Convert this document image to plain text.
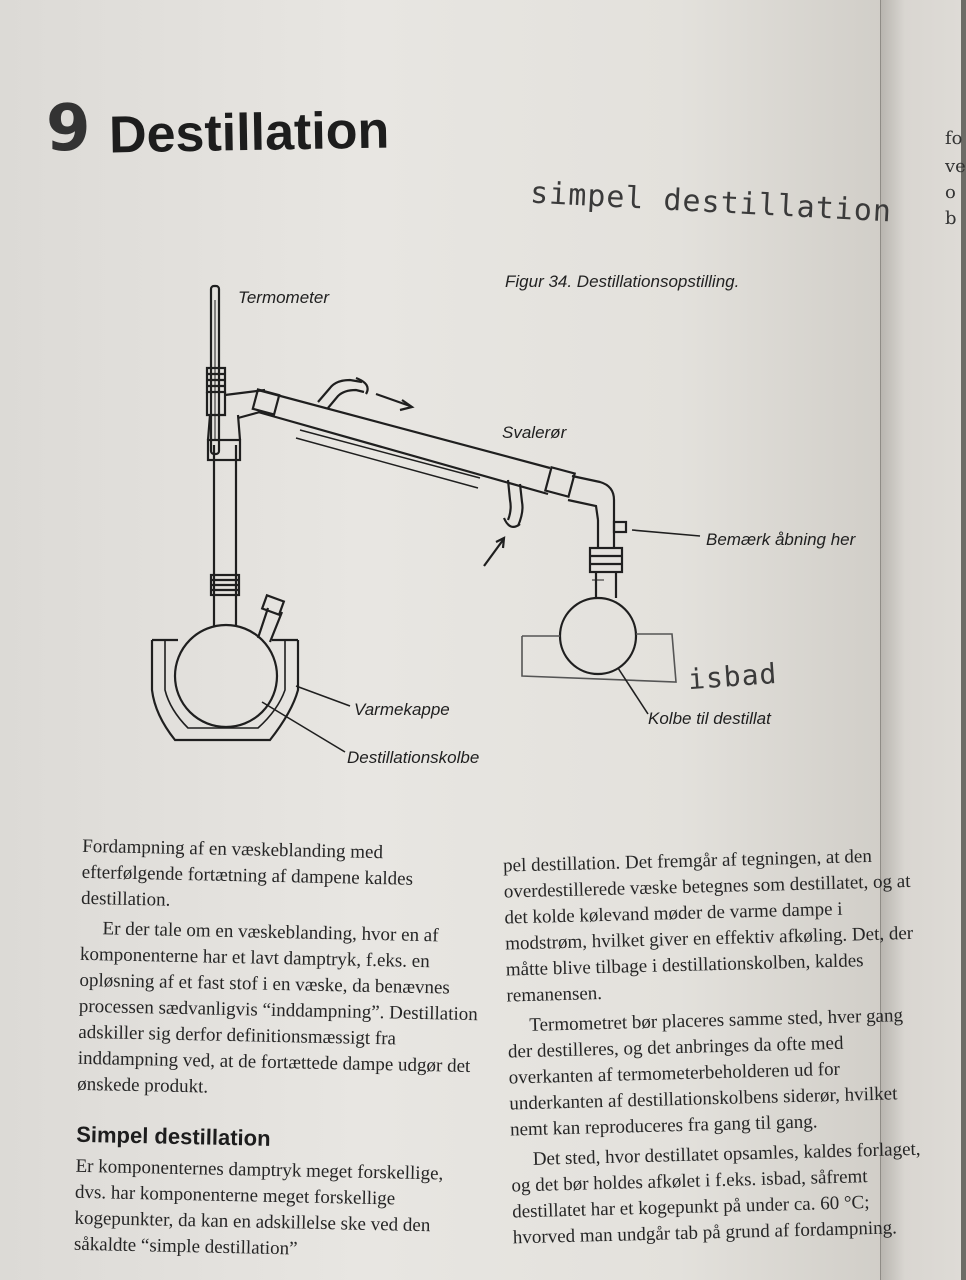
fo
ve
o
b
9 Destillation
simpel destillation
isbad
Figur 34. Destillationsopstilling.
Termometer
Svalerør
Bemærk åbning her
Varmekappe
Destillationskolbe
Kolbe til destillat

Fordampning af en væskeblanding med efterfølgende fortætning af dampene kaldes destillation.

Er der tale om en væskeblanding, hvor en af komponenterne har et lavt damptryk, f.eks. en opløsning af et fast stof i en væske, da benævnes processen sædvanligvis “inddampning”. Destillation adskiller sig derfor definitionsmæssigt fra inddampning ved, at de fortættede dampe udgør det ønskede produkt.

Simpel destillation

Er komponenternes damptryk meget forskellige, dvs. har komponenterne meget forskellige kogepunkter, da kan en adskillelse ske ved den såkaldte “simple destillation”

pel destillation. Det fremgår af tegningen, at den overdestillerede væske betegnes som destillatet, og at det kolde kølevand møder de varme dampe i modstrøm, hvilket giver en effektiv afkøling. Det, der måtte blive tilbage i destillationskolben, kaldes remanensen.

Termometret bør placeres samme sted, hver gang der destilleres, og det anbringes da ofte med overkanten af termometerbeholderen ud for underkanten af destillationskolbens siderør, hvilket nemt kan reproduceres fra gang til gang.

Det sted, hvor destillatet opsamles, kaldes forlaget, og det bør holdes afkølet i f.eks. isbad, såfremt destillatet har et kogepunkt på under ca. 60 °C; hvorved man undgår tab på grund af fordampning.
